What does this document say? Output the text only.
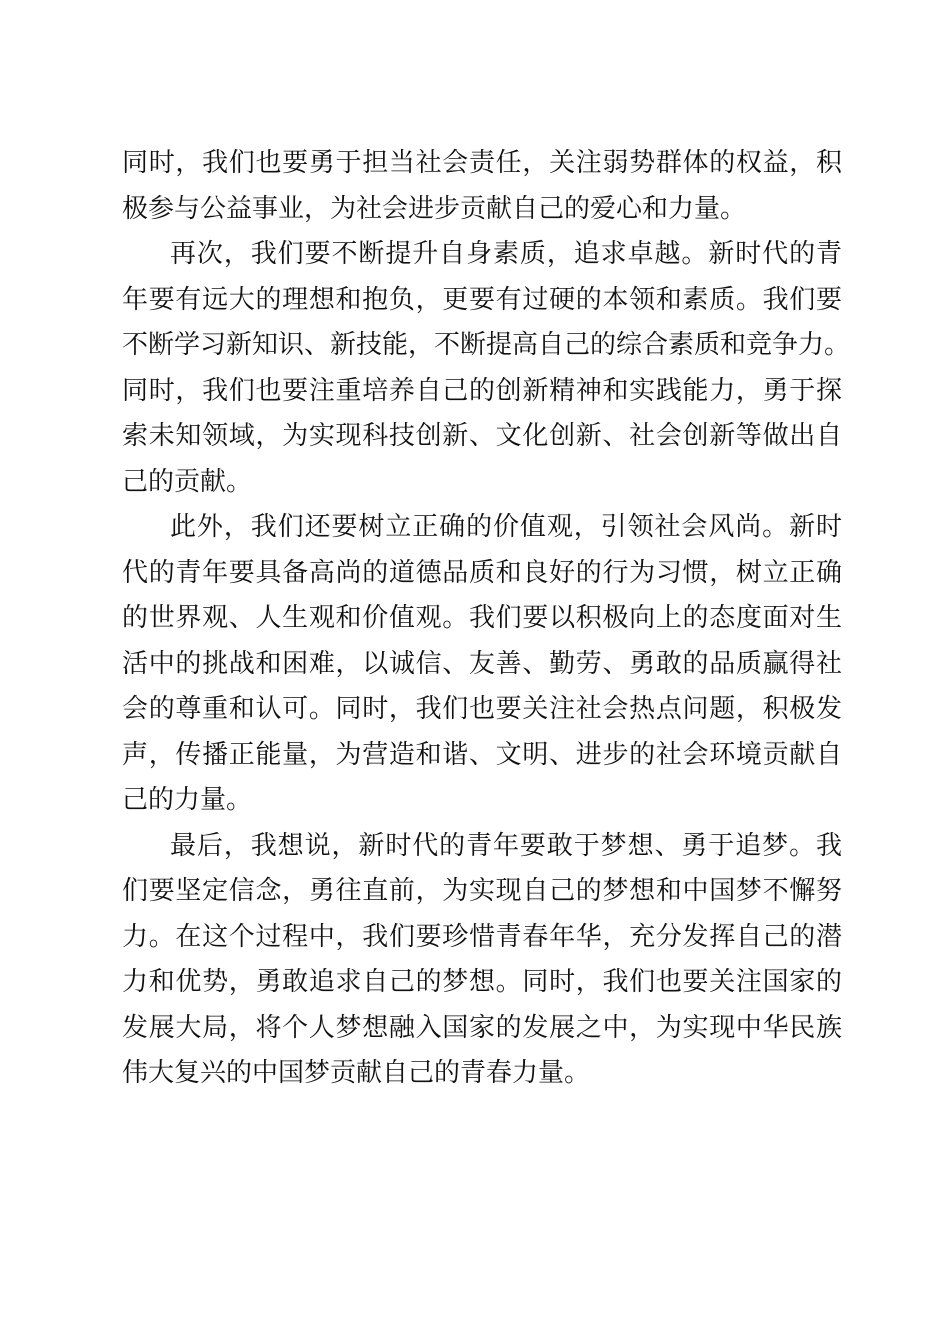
同时，我们也要勇于担当社会责任，关注弱势群体的权益，积
极参与公益事业，为社会进步贡献自己的爱心和力量。
再次，我们要不断提升自身素质，追求卓越。新时代的青
年要有远大的理想和抱负，更要有过硬的本领和素质。我们要
不断学习新知识、新技能，不断提高自己的综合素质和竞争力。
同时，我们也要注重培养自己的创新精神和实践能力，勇于探
索未知领域，为实现科技创新、文化创新、社会创新等做出自
己的贡献。
此外，我们还要树立正确的价值观，引领社会风尚。新时
代的青年要具备高尚的道德品质和良好的行为习惯，树立正确
的世界观、人生观和价值观。我们要以积极向上的态度面对生
活中的挑战和困难，以诚信、友善、勤劳、勇敢的品质赢得社
会的尊重和认可。同时，我们也要关注社会热点问题，积极发
声，传播正能量，为营造和谐、文明、进步的社会环境贡献自
己的力量。
最后，我想说，新时代的青年要敢于梦想、勇于追梦。我
们要坚定信念，勇往直前，为实现自己的梦想和中国梦不懈努
力。在这个过程中，我们要珍惜青春年华，充分发挥自己的潜
力和优势，勇敢追求自己的梦想。同时，我们也要关注国家的
发展大局，将个人梦想融入国家的发展之中，为实现中华民族
伟大复兴的中国梦贡献自己的青春力量。
